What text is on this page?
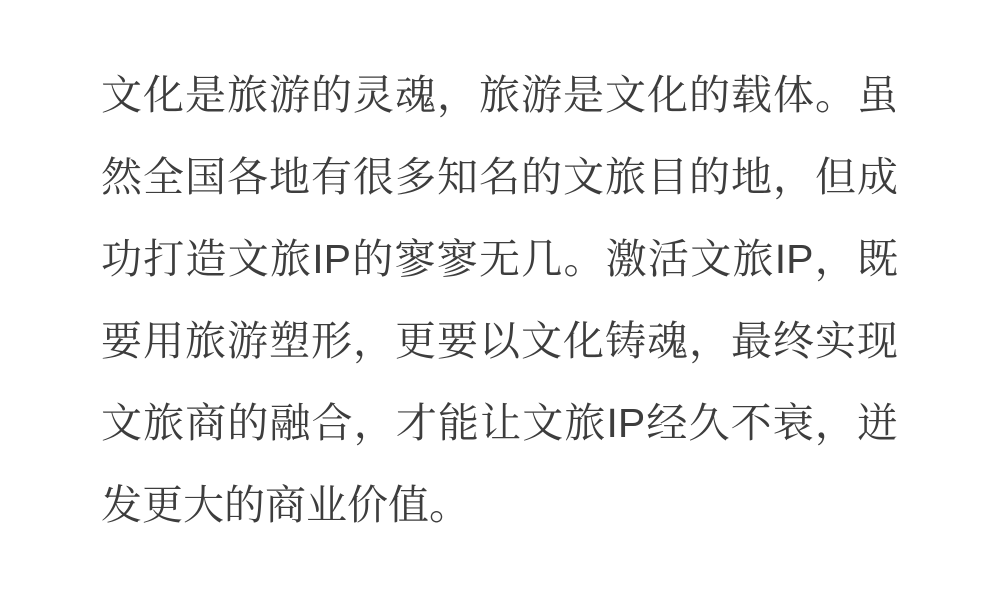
文化是旅游的灵魂，旅游是文化的载体。虽
然全国各地有很多知名的文旅目的地，但成
功打造文旅IP的寥寥无几。激活文旅IP，既
要用旅游塑形，更要以文化铸魂，最终实现
文旅商的融合，才能让文旅IP经久不衰，迸
发更大的商业价值。
